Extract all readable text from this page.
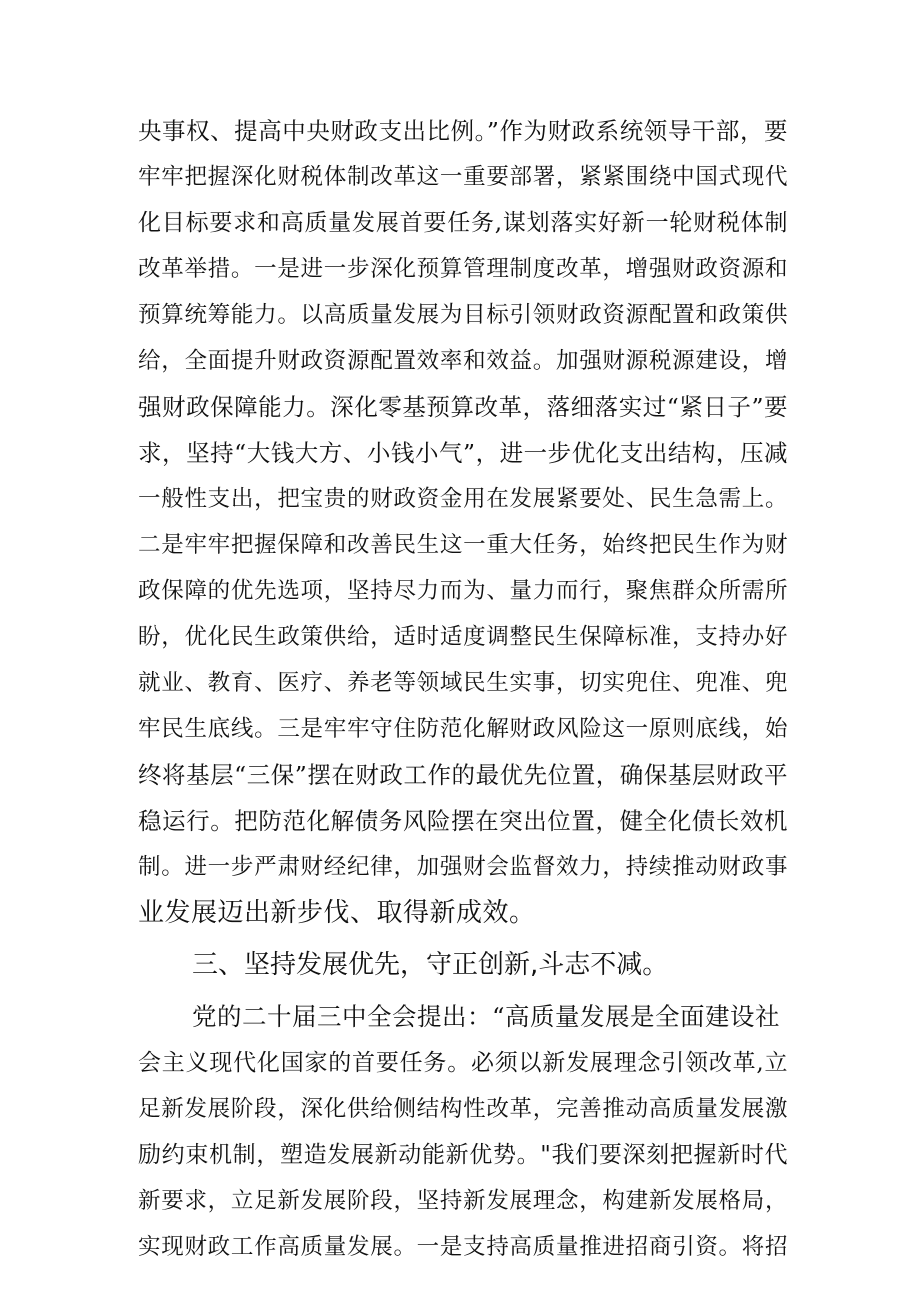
央事权、提高中央财政支出比例。”作为财政系统领导干部，要
牢牢把握深化财税体制改革这一重要部署，紧紧围绕中国式现代
化目标要求和高质量发展首要任务,谋划落实好新一轮财税体制
改革举措。一是进一步深化预算管理制度改革，增强财政资源和
预算统筹能力。以高质量发展为目标引领财政资源配置和政策供
给，全面提升财政资源配置效率和效益。加强财源税源建设，增
强财政保障能力。深化零基预算改革，落细落实过“紧日子”要
求，坚持“大钱大方、小钱小气”，进一步优化支出结构，压减
一般性支出，把宝贵的财政资金用在发展紧要处、民生急需上。
二是牢牢把握保障和改善民生这一重大任务，始终把民生作为财
政保障的优先选项，坚持尽力而为、量力而行，聚焦群众所需所
盼，优化民生政策供给，适时适度调整民生保障标准，支持办好
就业、教育、医疗、养老等领域民生实事，切实兜住、兜准、兜
牢民生底线。三是牢牢守住防范化解财政风险这一原则底线，始
终将基层“三保”摆在财政工作的最优先位置，确保基层财政平
稳运行。把防范化解债务风险摆在突出位置，健全化债长效机
制。进一步严肃财经纪律，加强财会监督效力，持续推动财政事
业发展迈出新步伐、取得新成效。
三、坚持发展优先，守正创新,斗志不减。
党的二十届三中全会提出：“高质量发展是全面建设社
会主义现代化国家的首要任务。必须以新发展理念引领改革,立
足新发展阶段，深化供给侧结构性改革，完善推动高质量发展激
励约束机制，塑造发展新动能新优势。"我们要深刻把握新时代
新要求，立足新发展阶段，坚持新发展理念，构建新发展格局，
实现财政工作高质量发展。一是支持高质量推进招商引资。将招
